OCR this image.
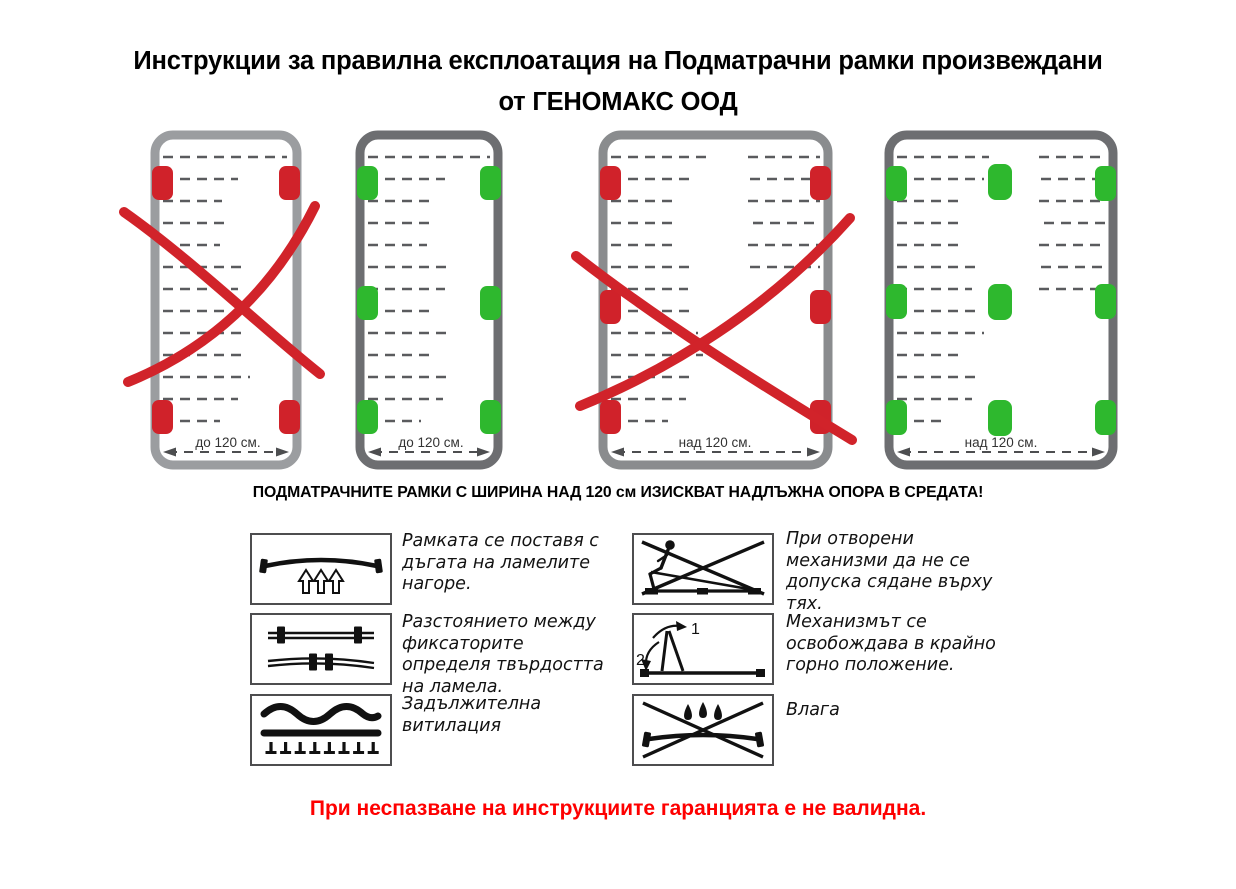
Инструкции за правилна експлоатация на Подматрачни рамки произвеждани
от ГЕНОМАКС ООД
до 120 см.	до 120 см.	над 120 см.	над 120 см.
ПОДМАТРАЧНИТЕ РАМКИ С ШИРИНА НАД 120 см ИЗИСКВАТ НАДЛЪЖНА ОПОРА В СРЕДАТА!
Рамката се поставя с дъгата на ламелите нагоре.
Разстоянието между фиксаторите определя твърдостта на ламела.
Задължителна витилация
При отворени механизми да не се допуска сядане върху тях.
1
2
Механизмът се освобождава в крайно горно положение.
Влага
При неспазване на инструкциите гаранцията е не валидна.
